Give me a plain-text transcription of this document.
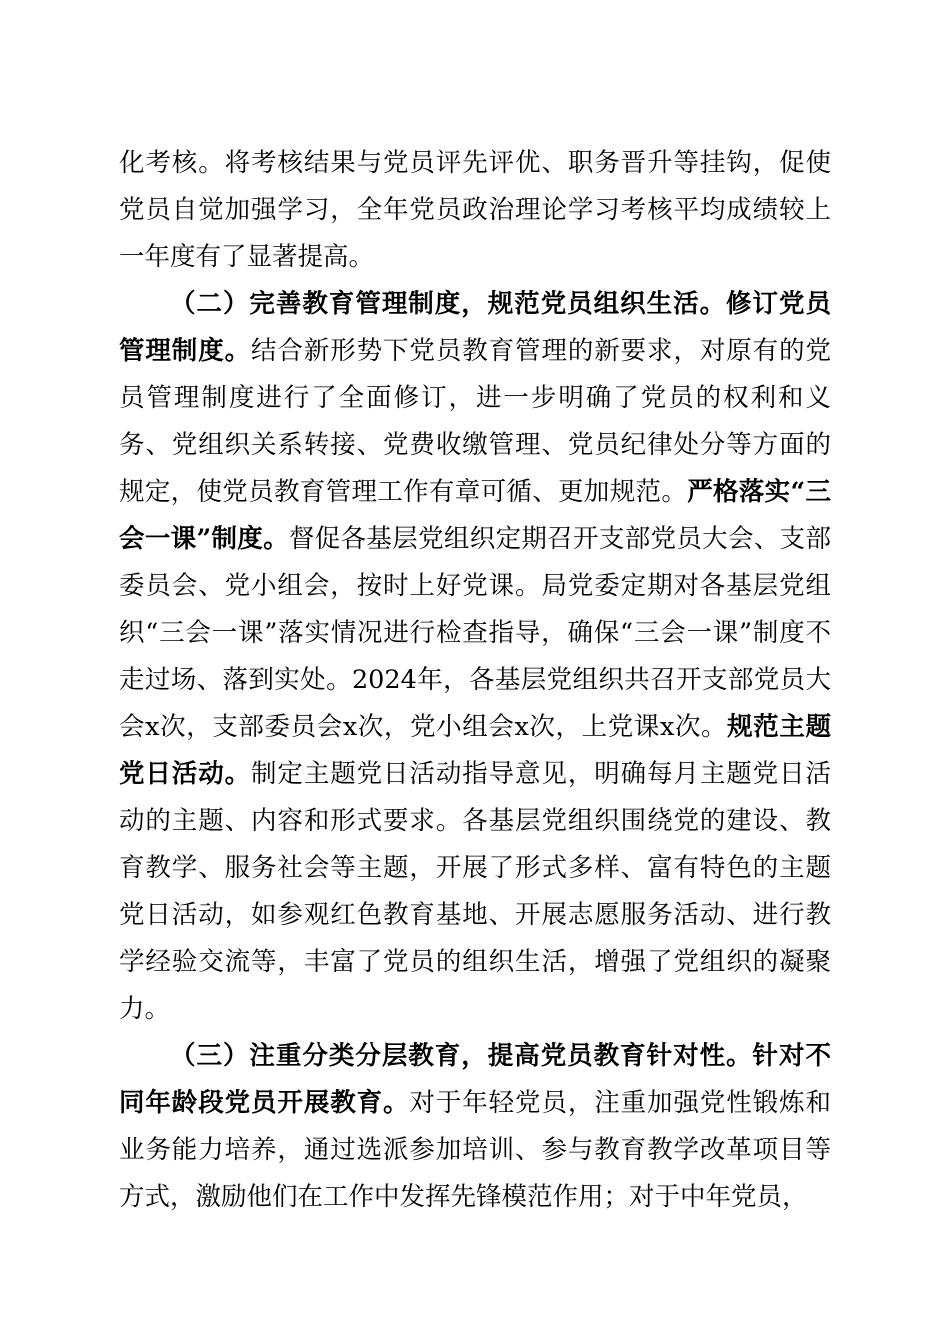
化考核。将考核结果与党员评先评优、职务晋升等挂钩，促使党员自觉加强学习，全年党员政治理论学习考核平均成绩较上一年度有了显著提高。

（二）完善教育管理制度，规范党员组织生活。修订党员管理制度。结合新形势下党员教育管理的新要求，对原有的党员管理制度进行了全面修订，进一步明确了党员的权利和义务、党组织关系转接、党费收缴管理、党员纪律处分等方面的规定，使党员教育管理工作有章可循、更加规范。严格落实“三会一课”制度。督促各基层党组织定期召开支部党员大会、支部委员会、党小组会，按时上好党课。局党委定期对各基层党组织“三会一课”落实情况进行检查指导，确保“三会一课”制度不走过场、落到实处。2024年，各基层党组织共召开支部党员大会x次，支部委员会x次，党小组会x次，上党课x次。规范主题党日活动。制定主题党日活动指导意见，明确每月主题党日活动的主题、内容和形式要求。各基层党组织围绕党的建设、教育教学、服务社会等主题，开展了形式多样、富有特色的主题党日活动，如参观红色教育基地、开展志愿服务活动、进行教学经验交流等，丰富了党员的组织生活，增强了党组织的凝聚力。

（三）注重分类分层教育，提高党员教育针对性。针对不同年龄段党员开展教育。对于年轻党员，注重加强党性锻炼和业务能力培养，通过选派参加培训、参与教育教学改革项目等方式，激励他们在工作中发挥先锋模范作用；对于中年党员，
